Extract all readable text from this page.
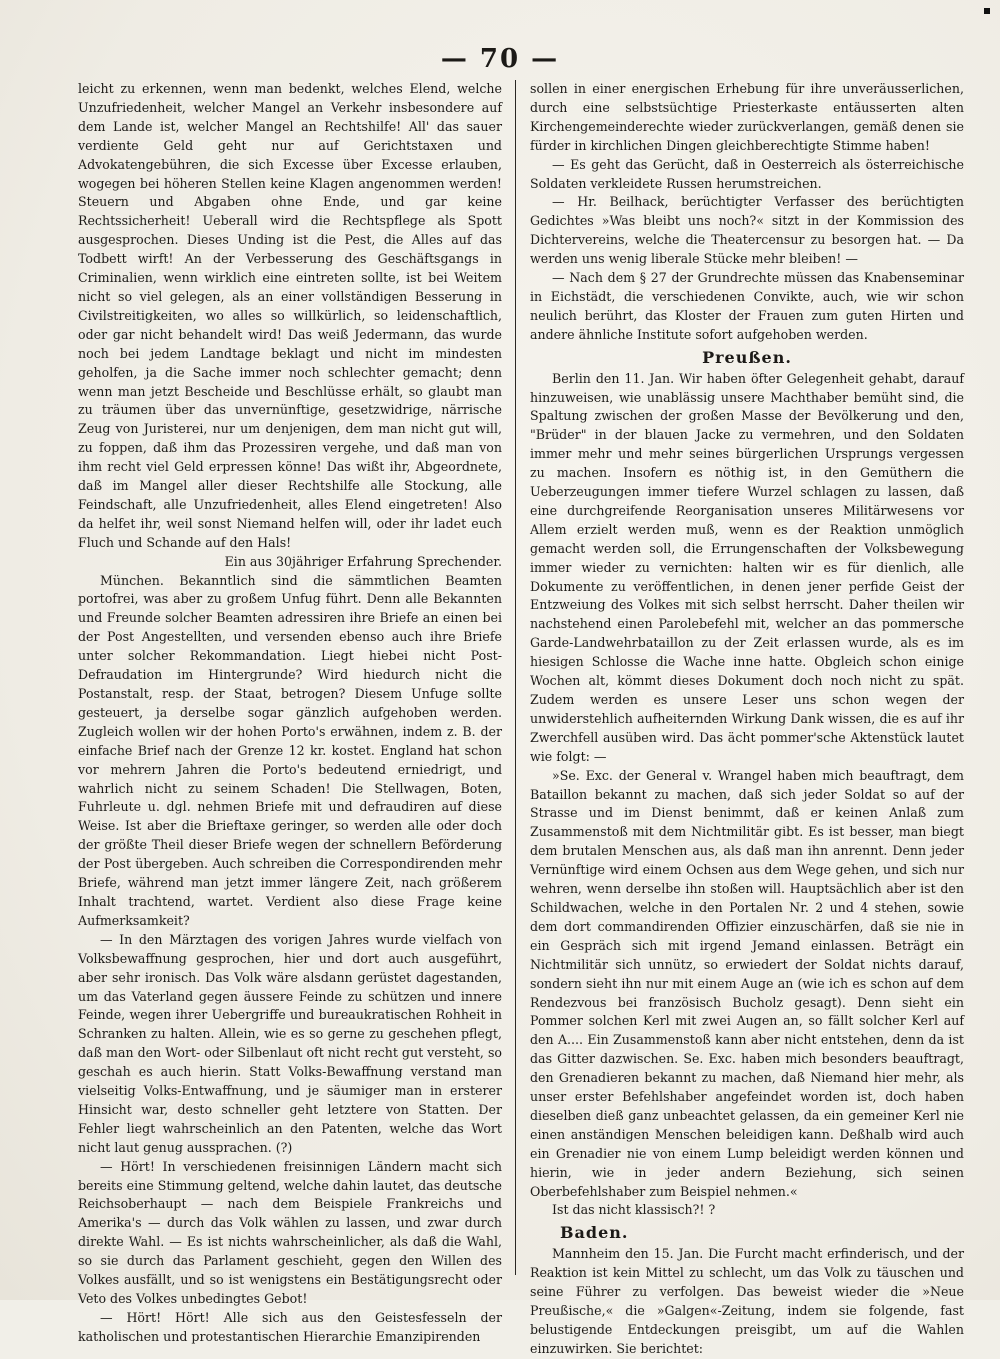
— 70 —

leicht zu erkennen, wenn man bedenkt, welches Elend, welche Unzufriedenheit, welcher Mangel an Verkehr insbesondere auf dem Lande ist, welcher Mangel an Rechtshilfe! All' das sauer verdiente Geld geht nur auf Gerichtstaxen und Advokatengebühren, die sich Excesse über Excesse erlauben, wogegen bei höheren Stellen keine Klagen angenommen werden! Steuern und Abgaben ohne Ende, und gar keine Rechtssicherheit! Ueberall wird die Rechtspflege als Spott ausgesprochen. Dieses Unding ist die Pest, die Alles auf das Todbett wirft! An der Verbesserung des Geschäftsgangs in Criminalien, wenn wirklich eine eintreten sollte, ist bei Weitem nicht so viel gelegen, als an einer vollständigen Besserung in Civilstreitigkeiten, wo alles so willkürlich, so leidenschaftlich, oder gar nicht behandelt wird! Das weiß Jedermann, das wurde noch bei jedem Landtage beklagt und nicht im mindesten geholfen, ja die Sache immer noch schlechter gemacht; denn wenn man jetzt Bescheide und Beschlüsse erhält, so glaubt man zu träumen über das unvernünftige, gesetzwidrige, närrische Zeug von Juristerei, nur um denjenigen, dem man nicht gut will, zu foppen, daß ihm das Prozessiren vergehe, und daß man von ihm recht viel Geld erpressen könne! Das wißt ihr, Abgeordnete, daß im Mangel aller dieser Rechtshilfe alle Stockung, alle Feindschaft, alle Unzufriedenheit, alles Elend eingetreten! Also da helfet ihr, weil sonst Niemand helfen will, oder ihr ladet euch Fluch und Schande auf den Hals!

Ein aus 30jähriger Erfahrung Sprechender.

München. Bekanntlich sind die sämmtlichen Beamten portofrei, was aber zu großem Unfug führt. Denn alle Bekannten und Freunde solcher Beamten adressiren ihre Briefe an einen bei der Post Angestellten, und versenden ebenso auch ihre Briefe unter solcher Rekommandation. Liegt hiebei nicht Post-Defraudation im Hintergrunde? Wird hiedurch nicht die Postanstalt, resp. der Staat, betrogen? Diesem Unfuge sollte gesteuert, ja derselbe sogar gänzlich aufgehoben werden. Zugleich wollen wir der hohen Porto's erwähnen, indem z. B. der einfache Brief nach der Grenze 12 kr. kostet. England hat schon vor mehrern Jahren die Porto's bedeutend erniedrigt, und wahrlich nicht zu seinem Schaden! Die Stellwagen, Boten, Fuhrleute u. dgl. nehmen Briefe mit und defraudiren auf diese Weise. Ist aber die Brieftaxe geringer, so werden alle oder doch der größte Theil dieser Briefe wegen der schnellern Beförderung der Post übergeben. Auch schreiben die Correspondirenden mehr Briefe, während man jetzt immer längere Zeit, nach größerem Inhalt trachtend, wartet. Verdient also diese Frage keine Aufmerksamkeit?

— In den Märztagen des vorigen Jahres wurde vielfach von Volksbewaffnung gesprochen, hier und dort auch ausgeführt, aber sehr ironisch. Das Volk wäre alsdann gerüstet dagestanden, um das Vaterland gegen äussere Feinde zu schützen und innere Feinde, wegen ihrer Uebergriffe und bureaukratischen Rohheit in Schranken zu halten. Allein, wie es so gerne zu geschehen pflegt, daß man den Wort- oder Silbenlaut oft nicht recht gut versteht, so geschah es auch hierin. Statt Volks-Bewaffnung verstand man vielseitig Volks-Entwaffnung, und je säumiger man in ersterer Hinsicht war, desto schneller geht letztere von Statten. Der Fehler liegt wahrscheinlich an den Patenten, welche das Wort nicht laut genug aussprachen. (?)

— Hört! In verschiedenen freisinnigen Ländern macht sich bereits eine Stimmung geltend, welche dahin lautet, das deutsche Reichsoberhaupt — nach dem Beispiele Frankreichs und Amerika's — durch das Volk wählen zu lassen, und zwar durch direkte Wahl. — Es ist nichts wahrscheinlicher, als daß die Wahl, so sie durch das Parlament geschieht, gegen den Willen des Volkes ausfällt, und so ist wenigstens ein Bestätigungsrecht oder Veto des Volkes unbedingtes Gebot!

— Hört! Hört! Alle sich aus den Geistesfesseln der katholischen und protestantischen Hierarchie Emanzipirenden

sollen in einer energischen Erhebung für ihre unveräusserlichen, durch eine selbstsüchtige Priesterkaste entäusserten alten Kirchengemeinderechte wieder zurückverlangen, gemäß denen sie fürder in kirchlichen Dingen gleichberechtigte Stimme haben!

— Es geht das Gerücht, daß in Oesterreich als österreichische Soldaten verkleidete Russen herumstreichen.

— Hr. Beilhack, berüchtigter Verfasser des berüchtigten Gedichtes »Was bleibt uns noch?« sitzt in der Kommission des Dichtervereins, welche die Theatercensur zu besorgen hat. — Da werden uns wenig liberale Stücke mehr bleiben! —

— Nach dem § 27 der Grundrechte müssen das Knabenseminar in Eichstädt, die verschiedenen Convikte, auch, wie wir schon neulich berührt, das Kloster der Frauen zum guten Hirten und andere ähnliche Institute sofort aufgehoben werden.

Preußen.

Berlin den 11. Jan. Wir haben öfter Gelegenheit gehabt, darauf hinzuweisen, wie unablässig unsere Machthaber bemüht sind, die Spaltung zwischen der großen Masse der Bevölkerung und den, "Brüder" in der blauen Jacke zu vermehren, und den Soldaten immer mehr und mehr seines bürgerlichen Ursprungs vergessen zu machen. Insofern es nöthig ist, in den Gemüthern die Ueberzeugungen immer tiefere Wurzel schlagen zu lassen, daß eine durchgreifende Reorganisation unseres Militärwesens vor Allem erzielt werden muß, wenn es der Reaktion unmöglich gemacht werden soll, die Errungenschaften der Volksbewegung immer wieder zu vernichten: halten wir es für dienlich, alle Dokumente zu veröffentlichen, in denen jener perfide Geist der Entzweiung des Volkes mit sich selbst herrscht. Daher theilen wir nachstehend einen Parolebefehl mit, welcher an das pommersche Garde-Landwehrbataillon zu der Zeit erlassen wurde, als es im hiesigen Schlosse die Wache inne hatte. Obgleich schon einige Wochen alt, kömmt dieses Dokument doch noch nicht zu spät. Zudem werden es unsere Leser uns schon wegen der unwiderstehlich aufheiternden Wirkung Dank wissen, die es auf ihr Zwerchfell ausüben wird. Das ächt pommer'sche Aktenstück lautet wie folgt: —

»Se. Exc. der General v. Wrangel haben mich beauftragt, dem Bataillon bekannt zu machen, daß sich jeder Soldat so auf der Strasse und im Dienst benimmt, daß er keinen Anlaß zum Zusammenstoß mit dem Nichtmilitär gibt. Es ist besser, man biegt dem brutalen Menschen aus, als daß man ihn anrennt. Denn jeder Vernünftige wird einem Ochsen aus dem Wege gehen, und sich nur wehren, wenn derselbe ihn stoßen will. Hauptsächlich aber ist den Schildwachen, welche in den Portalen Nr. 2 und 4 stehen, sowie dem dort commandirenden Offizier einzuschärfen, daß sie nie in ein Gespräch sich mit irgend Jemand einlassen. Beträgt ein Nichtmilitär sich unnütz, so erwiedert der Soldat nichts darauf, sondern sieht ihn nur mit einem Auge an (wie ich es schon auf dem Rendezvous bei französisch Bucholz gesagt). Denn sieht ein Pommer solchen Kerl mit zwei Augen an, so fällt solcher Kerl auf den A.... Ein Zusammenstoß kann aber nicht entstehen, denn da ist das Gitter dazwischen. Se. Exc. haben mich besonders beauftragt, den Grenadieren bekannt zu machen, daß Niemand hier mehr, als unser erster Befehlshaber angefeindet worden ist, doch haben dieselben dieß ganz unbeachtet gelassen, da ein gemeiner Kerl nie einen anständigen Menschen beleidigen kann. Deßhalb wird auch ein Grenadier nie von einem Lump beleidigt werden können und hierin, wie in jeder andern Beziehung, sich seinen Oberbefehlshaber zum Beispiel nehmen.«

Ist das nicht klassisch?! ?

Baden.

Mannheim den 15. Jan. Die Furcht macht erfinderisch, und der Reaktion ist kein Mittel zu schlecht, um das Volk zu täuschen und seine Führer zu verfolgen. Das beweist wieder die »Neue Preußische,« die »Galgen«-Zeitung, indem sie folgende, fast belustigende Entdeckungen preisgibt, um auf die Wahlen einzuwirken. Sie berichtet:
